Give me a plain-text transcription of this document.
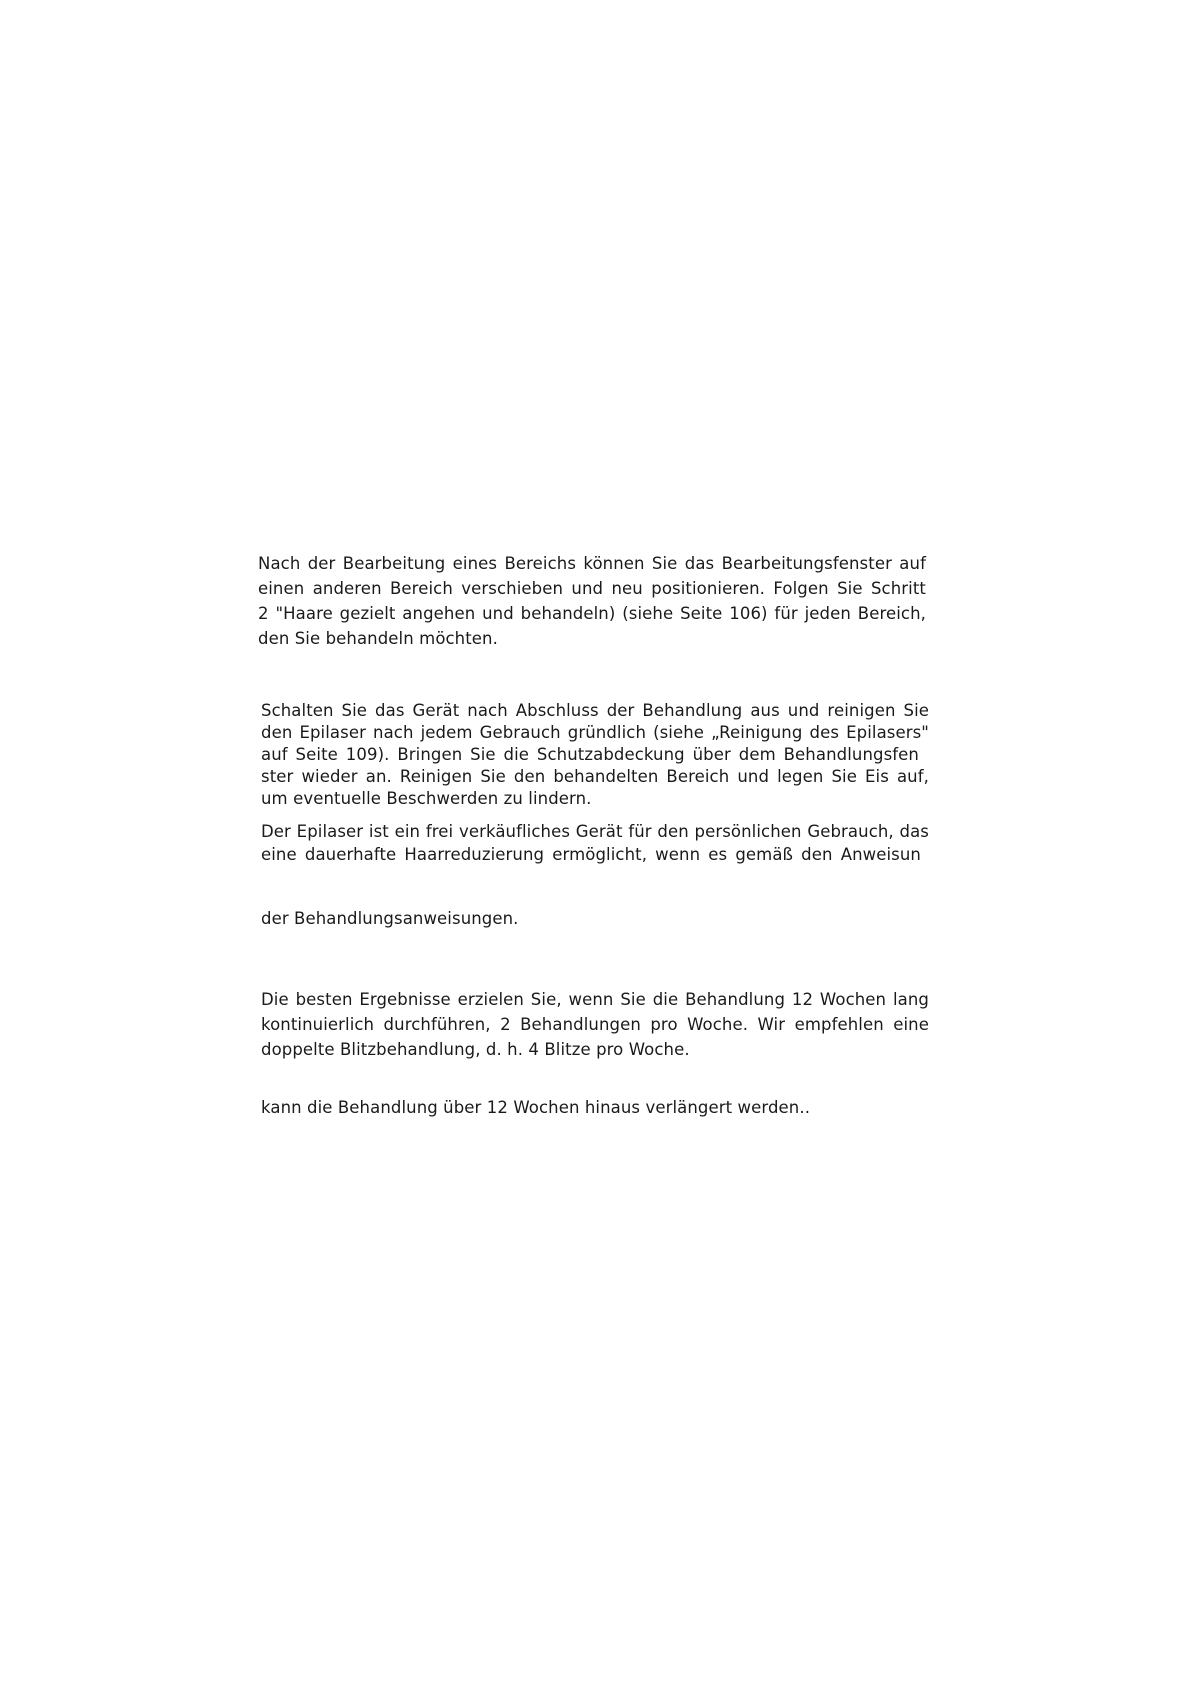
Nach der Bearbeitung eines Bereichs können Sie das Bearbeitungsfenster auf
einen anderen Bereich verschieben und neu positionieren. Folgen Sie Schritt
2 "Haare gezielt angehen und behandeln) (siehe Seite 106) für jeden Bereich,
den Sie behandeln möchten.
Schalten Sie das Gerät nach Abschluss der Behandlung aus und reinigen Sie
den Epilaser nach jedem Gebrauch gründlich (siehe „Reinigung des Epilasers"
auf Seite 109). Bringen Sie die Schutzabdeckung über dem Behandlungsfen
ster wieder an. Reinigen Sie den behandelten Bereich und legen Sie Eis auf,
um eventuelle Beschwerden zu lindern.
Der Epilaser ist ein frei verkäufliches Gerät für den persönlichen Gebrauch, das
eine dauerhafte Haarreduzierung ermöglicht, wenn es gemäß den Anweisun
der Behandlungsanweisungen.
Die besten Ergebnisse erzielen Sie, wenn Sie die Behandlung 12 Wochen lang
kontinuierlich durchführen, 2 Behandlungen pro Woche. Wir empfehlen eine
doppelte Blitzbehandlung, d. h. 4 Blitze pro Woche.
kann die Behandlung über 12 Wochen hinaus verlängert werden..
